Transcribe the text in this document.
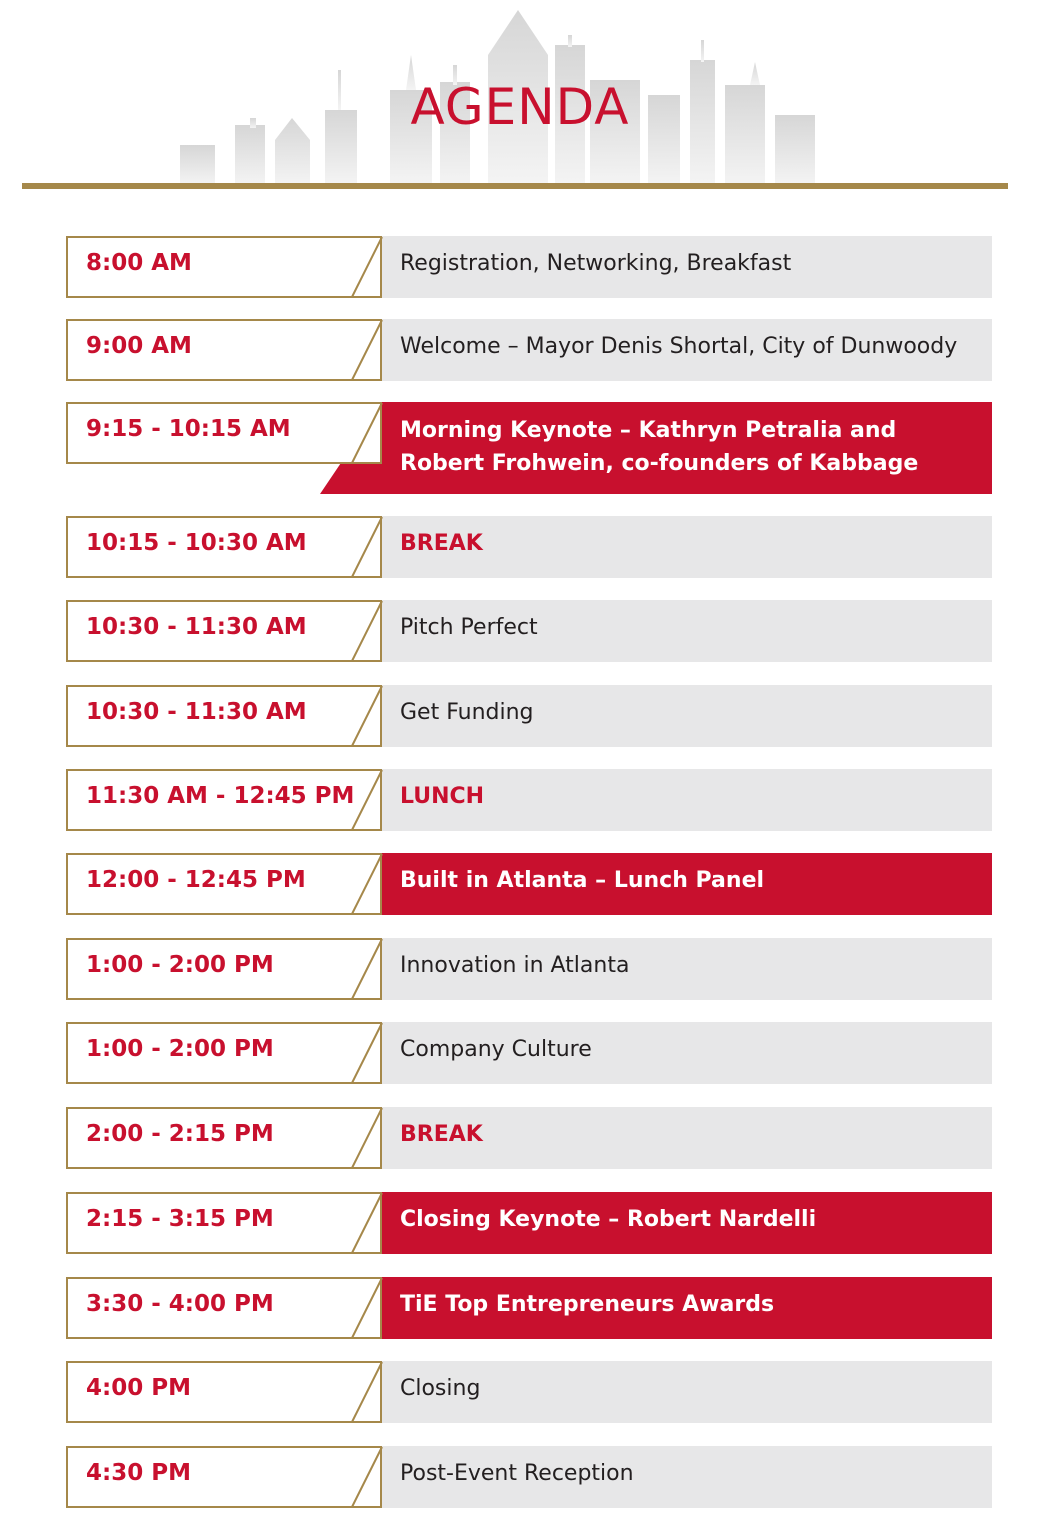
AGENDA
8:00 AM	Registration, Networking, Breakfast
9:00 AM	Welcome – Mayor Denis Shortal, City of Dunwoody
9:15 - 10:15 AM	Morning Keynote – Kathryn Petralia and Robert Frohwein, co-founders of Kabbage
10:15 - 10:30 AM	BREAK
10:30 - 11:30 AM	Pitch Perfect
10:30 - 11:30 AM	Get Funding
11:30 AM - 12:45 PM LUNCH
12:00 - 12:45 PM	Built in Atlanta – Lunch Panel
1:00 - 2:00 PM	Innovation in Atlanta
1:00 - 2:00 PM	Company Culture
2:00 - 2:15 PM	BREAK
2:15 - 3:15 PM	Closing Keynote – Robert Nardelli
3:30 - 4:00 PM	TiE Top Entrepreneurs Awards
4:00 PM	Closing
4:30 PM	Post-Event Reception
